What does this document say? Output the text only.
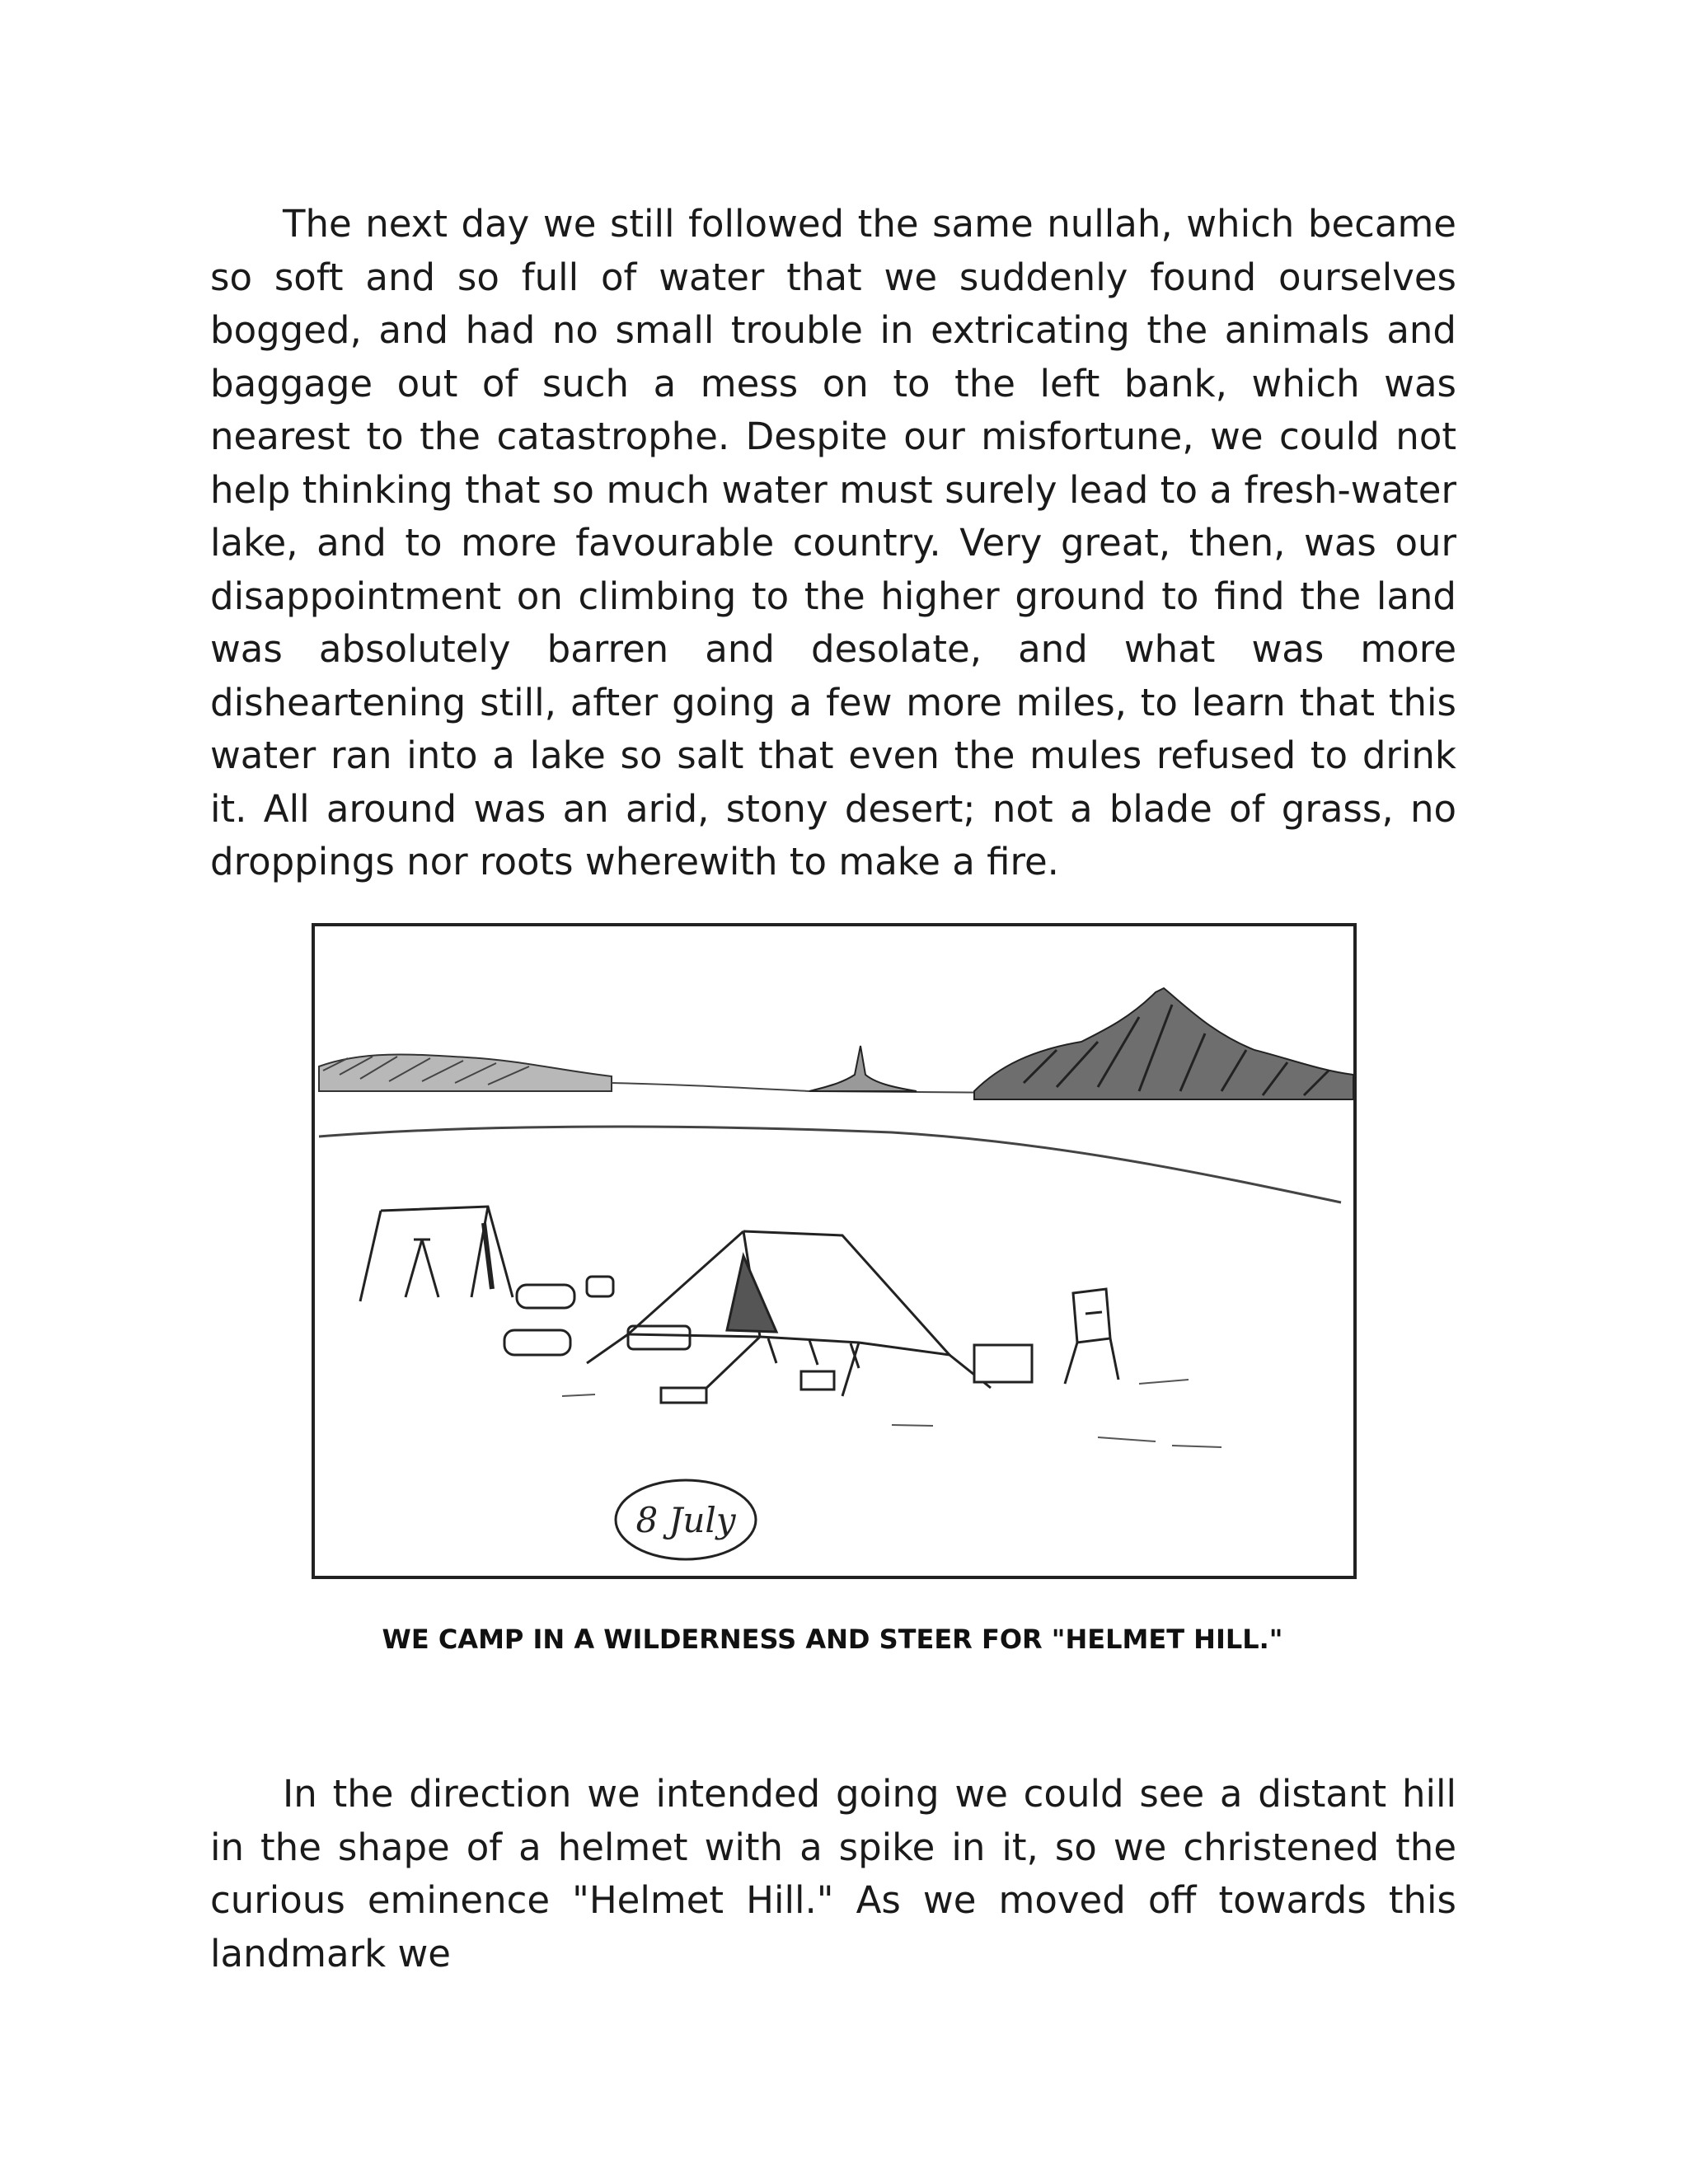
The next day we still followed the same nullah, which became so soft and so full of water that we suddenly found ourselves bogged, and had no small trouble in extricating the animals and baggage out of such a mess on to the left bank, which was nearest to the catastrophe. Despite our misfortune, we could not help thinking that so much water must surely lead to a fresh-water lake, and to more favourable country. Very great, then, was our disappointment on climbing to the higher ground to find the land was absolutely barren and desolate, and what was more disheartening still, after going a few more miles, to learn that this water ran into a lake so salt that even the mules refused to drink it. All around was an arid, stony desert; not a blade of grass, no droppings nor roots wherewith to make a fire.

8 July

WE CAMP IN A WILDERNESS AND STEER FOR "HELMET HILL."

In the direction we intended going we could see a distant hill in the shape of a helmet with a spike in it, so we christened the curious eminence "Helmet Hill." As we moved off towards this landmark we
